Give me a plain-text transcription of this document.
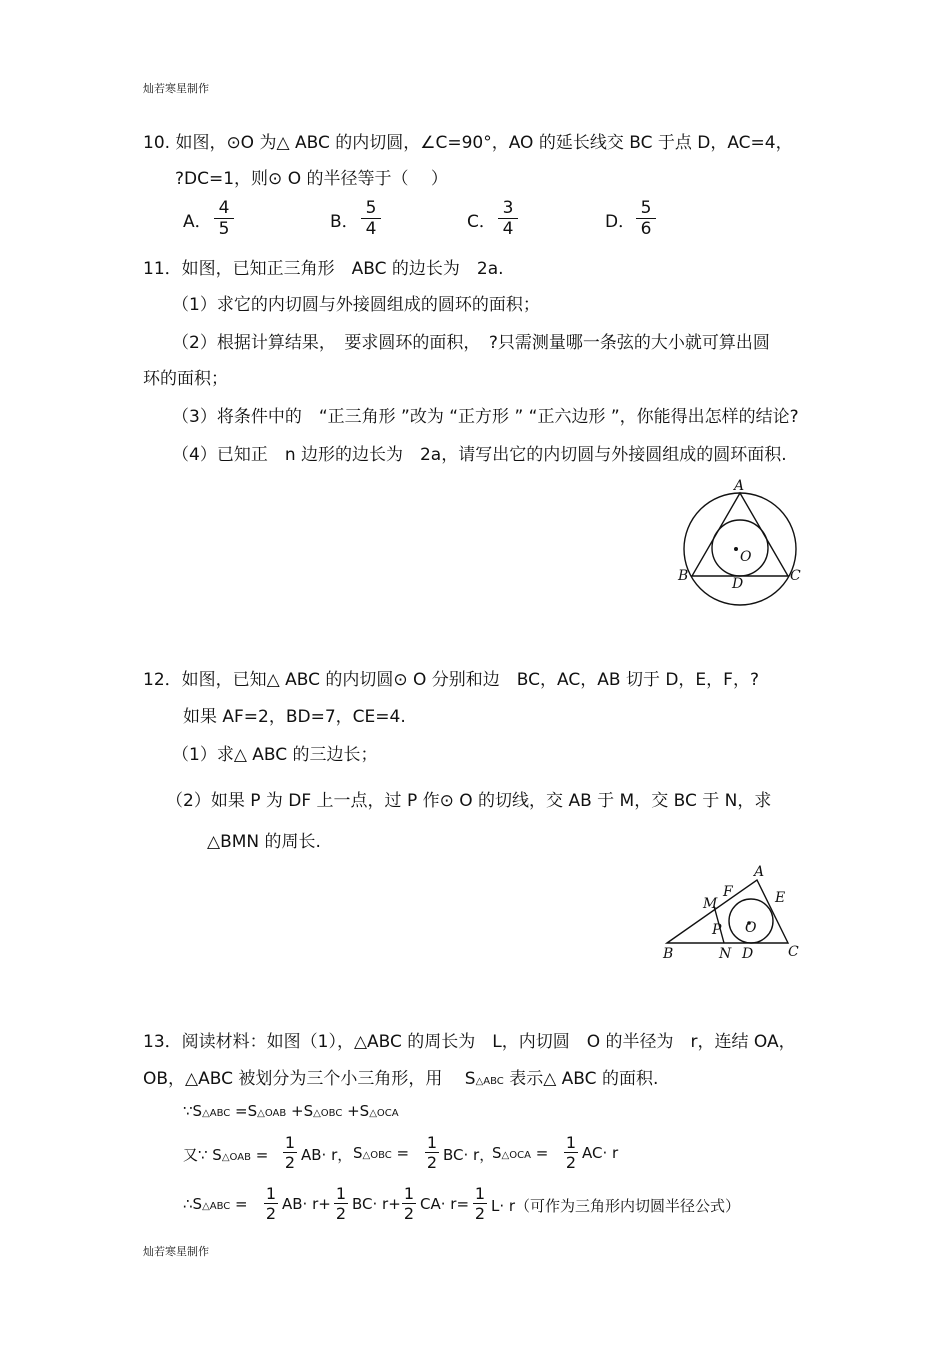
灿若寒星制作
灿若寒星制作
10. 如图，⊙O 为△ ABC 的内切圆，∠C=90°，AO 的延长线交 BC 于点 D，AC=4，
?DC=1，则⊙ O 的半径等于（　 ）
A． $\frac{4}{5}$	B． $\frac{5}{4}$	C． $\frac{3}{4}$	D． $\frac{5}{6}$
11．如图，已知正三角形　ABC 的边长为　2a.
（1）求它的内切圆与外接圆组成的圆环的面积；
（2）根据计算结果，　要求圆环的面积，　?只需测量哪一条弦的大小就可算出圆
环的面积；
（3）将条件中的　“正三角形 ”改为 “正方形 ” “正六边形 ”，你能得出怎样的结论?
（4）已知正　n 边形的边长为　2a，请写出它的内切圆与外接圆组成的圆环面积.
A
B	C
D
O
12．如图，已知△ ABC 的内切圆⊙ O 分别和边　BC，AC，AB 切于 D，E，F，?
如果 AF=2，BD=7，CE=4.
（1）求△ ABC 的三边长；
（2）如果 P 为 DF 上一点，过 P 作⊙ O 的切线，交 AB 于 M，交 BC 于 N，求
△BMN 的周长.
A
B	C
D
E
F
M
N
P O
13．阅读材料：如图（1），△ABC 的周长为　L，内切圆　O 的半径为　r，连结 OA，
OB，△ABC 被划分为三个小三角形，用　 S△ABC 表示△ ABC 的面积.
∵S△ABC =S△OAB +S△OBC +S△OCA
又∵ S△OAB = $\frac{1}{2} AB\cdot r$， S△OBC = $\frac{1}{2} BC\cdot r$，
S△OCA = $\frac{1}{2} AC\cdot r$
∴S△ABC = $\frac{1}{2} AB\cdot r+ \frac{1}{2} BC\cdot r+ \frac{1}{2} CA\cdot r= \frac{1}{2} L\cdot r$（可作为三角形内切圆半径公式）
